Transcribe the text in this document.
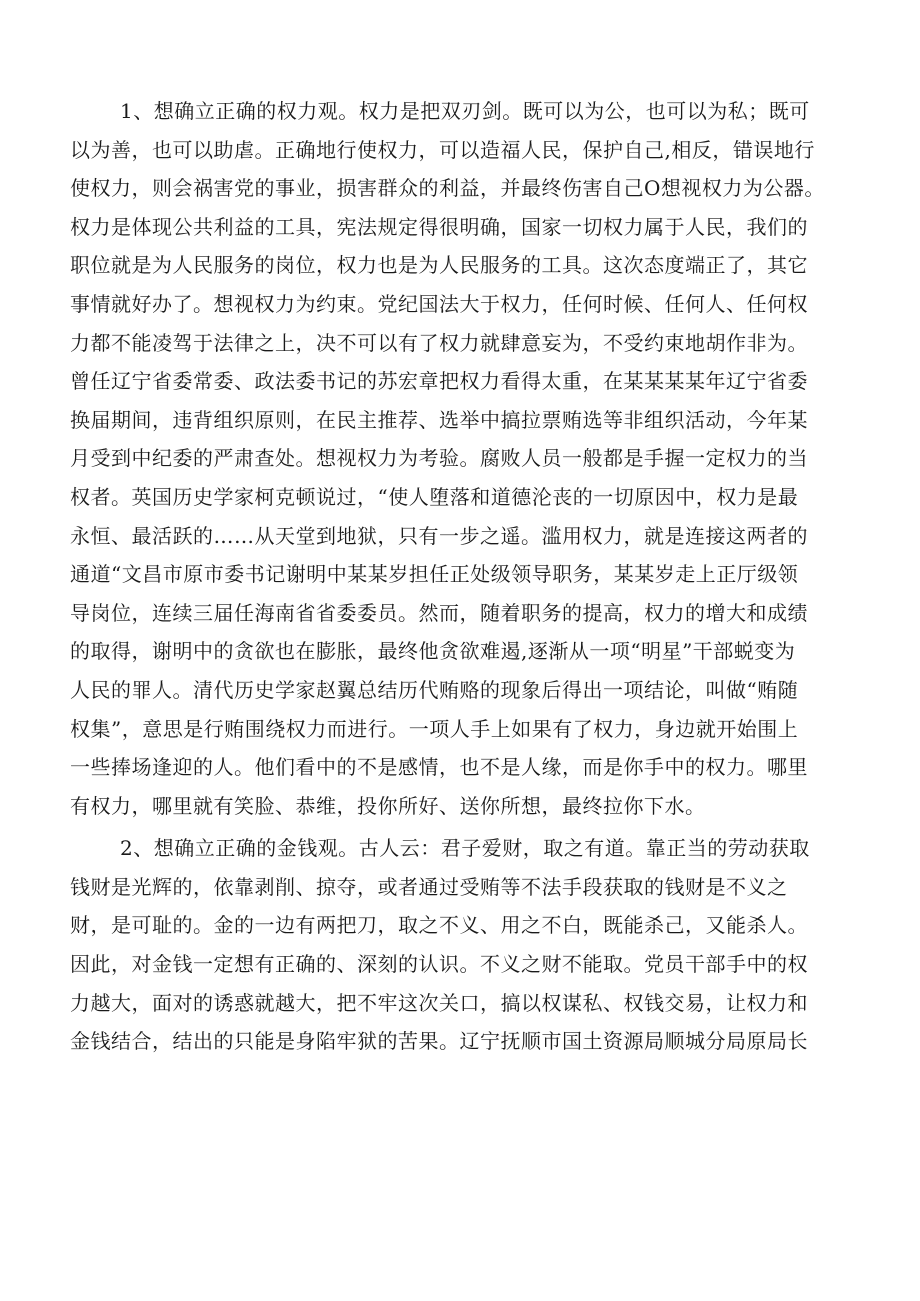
1、想确立正确的权力观。权力是把双刃剑。既可以为公，也可以为私；既可
以为善，也可以助虐。正确地行使权力，可以造福人民，保护自己,相反，错误地行
使权力，则会祸害党的事业，损害群众的利益，并最终伤害自己O想视权力为公器。
权力是体现公共利益的工具，宪法规定得很明确，国家一切权力属于人民，我们的
职位就是为人民服务的岗位，权力也是为人民服务的工具。这次态度端正了，其它
事情就好办了。想视权力为约束。党纪国法大于权力，任何时候、任何人、任何权
力都不能凌驾于法律之上，决不可以有了权力就肆意妄为，不受约束地胡作非为。
曾任辽宁省委常委、政法委书记的苏宏章把权力看得太重，在某某某某年辽宁省委
换届期间，违背组织原则，在民主推荐、选举中搞拉票贿选等非组织活动，今年某
月受到中纪委的严肃查处。想视权力为考验。腐败人员一般都是手握一定权力的当
权者。英国历史学家柯克顿说过，“使人堕落和道德沦丧的一切原因中，权力是最
永恒、最活跃的……从天堂到地狱，只有一步之遥。滥用权力，就是连接这两者的
通道“文昌市原市委书记谢明中某某岁担任正处级领导职务，某某岁走上正厅级领
导岗位，连续三届任海南省省委委员。然而，随着职务的提高，权力的增大和成绩
的取得，谢明中的贪欲也在膨胀，最终他贪欲难遏,逐渐从一项“明星”干部蜕变为
人民的罪人。清代历史学家赵翼总结历代贿赂的现象后得出一项结论，叫做“贿随
权集”，意思是行贿围绕权力而进行。一项人手上如果有了权力，身边就开始围上
一些捧场逢迎的人。他们看中的不是感情，也不是人缘，而是你手中的权力。哪里
有权力，哪里就有笑脸、恭维，投你所好、送你所想，最终拉你下水。
2、想确立正确的金钱观。古人云：君子爱财，取之有道。靠正当的劳动获取
钱财是光辉的，依靠剥削、掠夺，或者通过受贿等不法手段获取的钱财是不义之
财，是可耻的。金的一边有两把刀，取之不义、用之不白，既能杀己，又能杀人。
因此，对金钱一定想有正确的、深刻的认识。不义之财不能取。党员干部手中的权
力越大，面对的诱惑就越大，把不牢这次关口，搞以权谋私、权钱交易，让权力和
金钱结合，结出的只能是身陷牢狱的苦果。辽宁抚顺市国土资源局顺城分局原局长
